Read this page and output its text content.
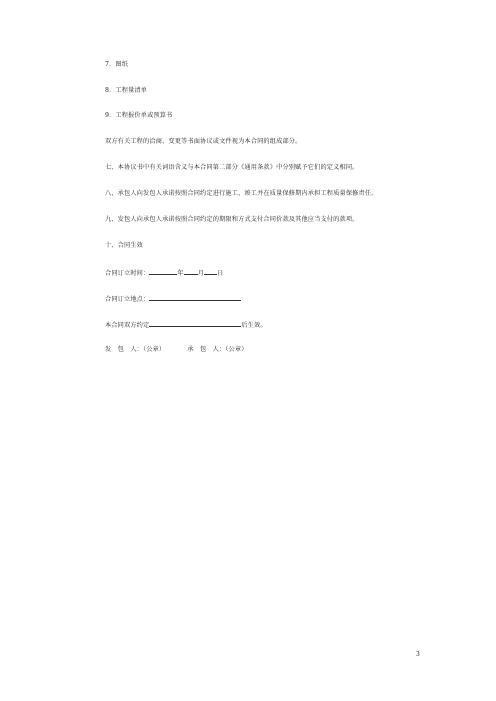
7．图纸
8．工程量清单
9．工程报价单或预算书
双方有关工程的洽商、变更等书面协议或文件视为本合同的组成部分。
七、本协议书中有关词语含义与本合同第二部分《通用条款》中分别赋予它们的定义相同。
八、承包人向发包人承诺按照合同约定进行施工、竣工并在质量保修期内承担工程质量保修责任。
九、发包人向承包人承诺按照合同约定的期限和方式支付合同价款及其他应当支付的款项。
十、合同生效
合同订立时间：	年 月 日
合同订立地点：
本合同双方约定	后生效。
发　包　人：（公章）	承　包　人：（公章）
3
